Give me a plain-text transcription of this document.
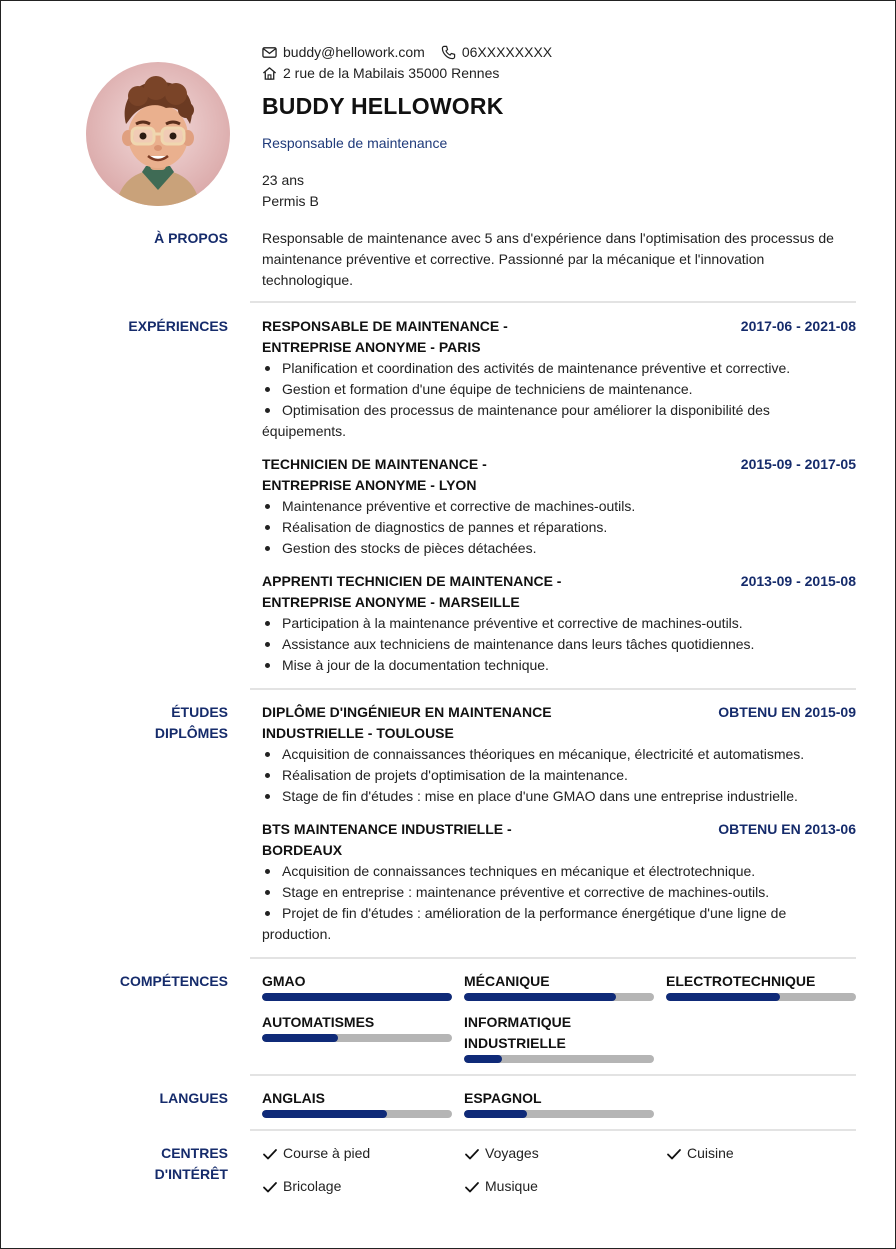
buddy@hellowork.com	06XXXXXXXX
2 rue de la Mabilais 35000 Rennes
BUDDY HELLOWORK
Responsable de maintenance
23 ans
Permis B
À PROPOS Responsable de maintenance avec 5 ans d'expérience dans l'optimisation des processus de maintenance préventive et corrective. Passionné par la mécanique et l'innovation technologique.
EXPÉRIENCES RESPONSABLE DE MAINTENANCE - ENTREPRISE ANONYME - PARIS
2017-06 - 2021-08
Planification et coordination des activités de maintenance préventive et corrective.
Gestion et formation d'une équipe de techniciens de maintenance.
Optimisation des processus de maintenance pour améliorer la disponibilité des équipements.
TECHNICIEN DE MAINTENANCE - ENTREPRISE ANONYME - LYON
2015-09 - 2017-05
Maintenance préventive et corrective de machines-outils.
Réalisation de diagnostics de pannes et réparations.
Gestion des stocks de pièces détachées.
APPRENTI TECHNICIEN DE MAINTENANCE - ENTREPRISE ANONYME - MARSEILLE
2013-09 - 2015-08
Participation à la maintenance préventive et corrective de machines-outils.
Assistance aux techniciens de maintenance dans leurs tâches quotidiennes.
Mise à jour de la documentation technique.
ÉTUDES
DIPLÔMES
DIPLÔME D'INGÉNIEUR EN MAINTENANCE INDUSTRIELLE - TOULOUSE
OBTENU EN 2015-09
Acquisition de connaissances théoriques en mécanique, électricité et automatismes.
Réalisation de projets d'optimisation de la maintenance.
Stage de fin d'études : mise en place d'une GMAO dans une entreprise industrielle.
BTS MAINTENANCE INDUSTRIELLE - BORDEAUX
OBTENU EN 2013-06
Acquisition de connaissances techniques en mécanique et électrotechnique.
Stage en entreprise : maintenance préventive et corrective de machines-outils.
Projet de fin d'études : amélioration de la performance énergétique d'une ligne de production.
COMPÉTENCES GMAO	MÉCANIQUE	ELECTROTECHNIQUE
AUTOMATISMES	INFORMATIQUE INDUSTRIELLE
LANGUES ANGLAIS	ESPAGNOL
CENTRES
D'INTÉRÊT
Course à pied	Voyages	Cuisine
Bricolage	Musique
